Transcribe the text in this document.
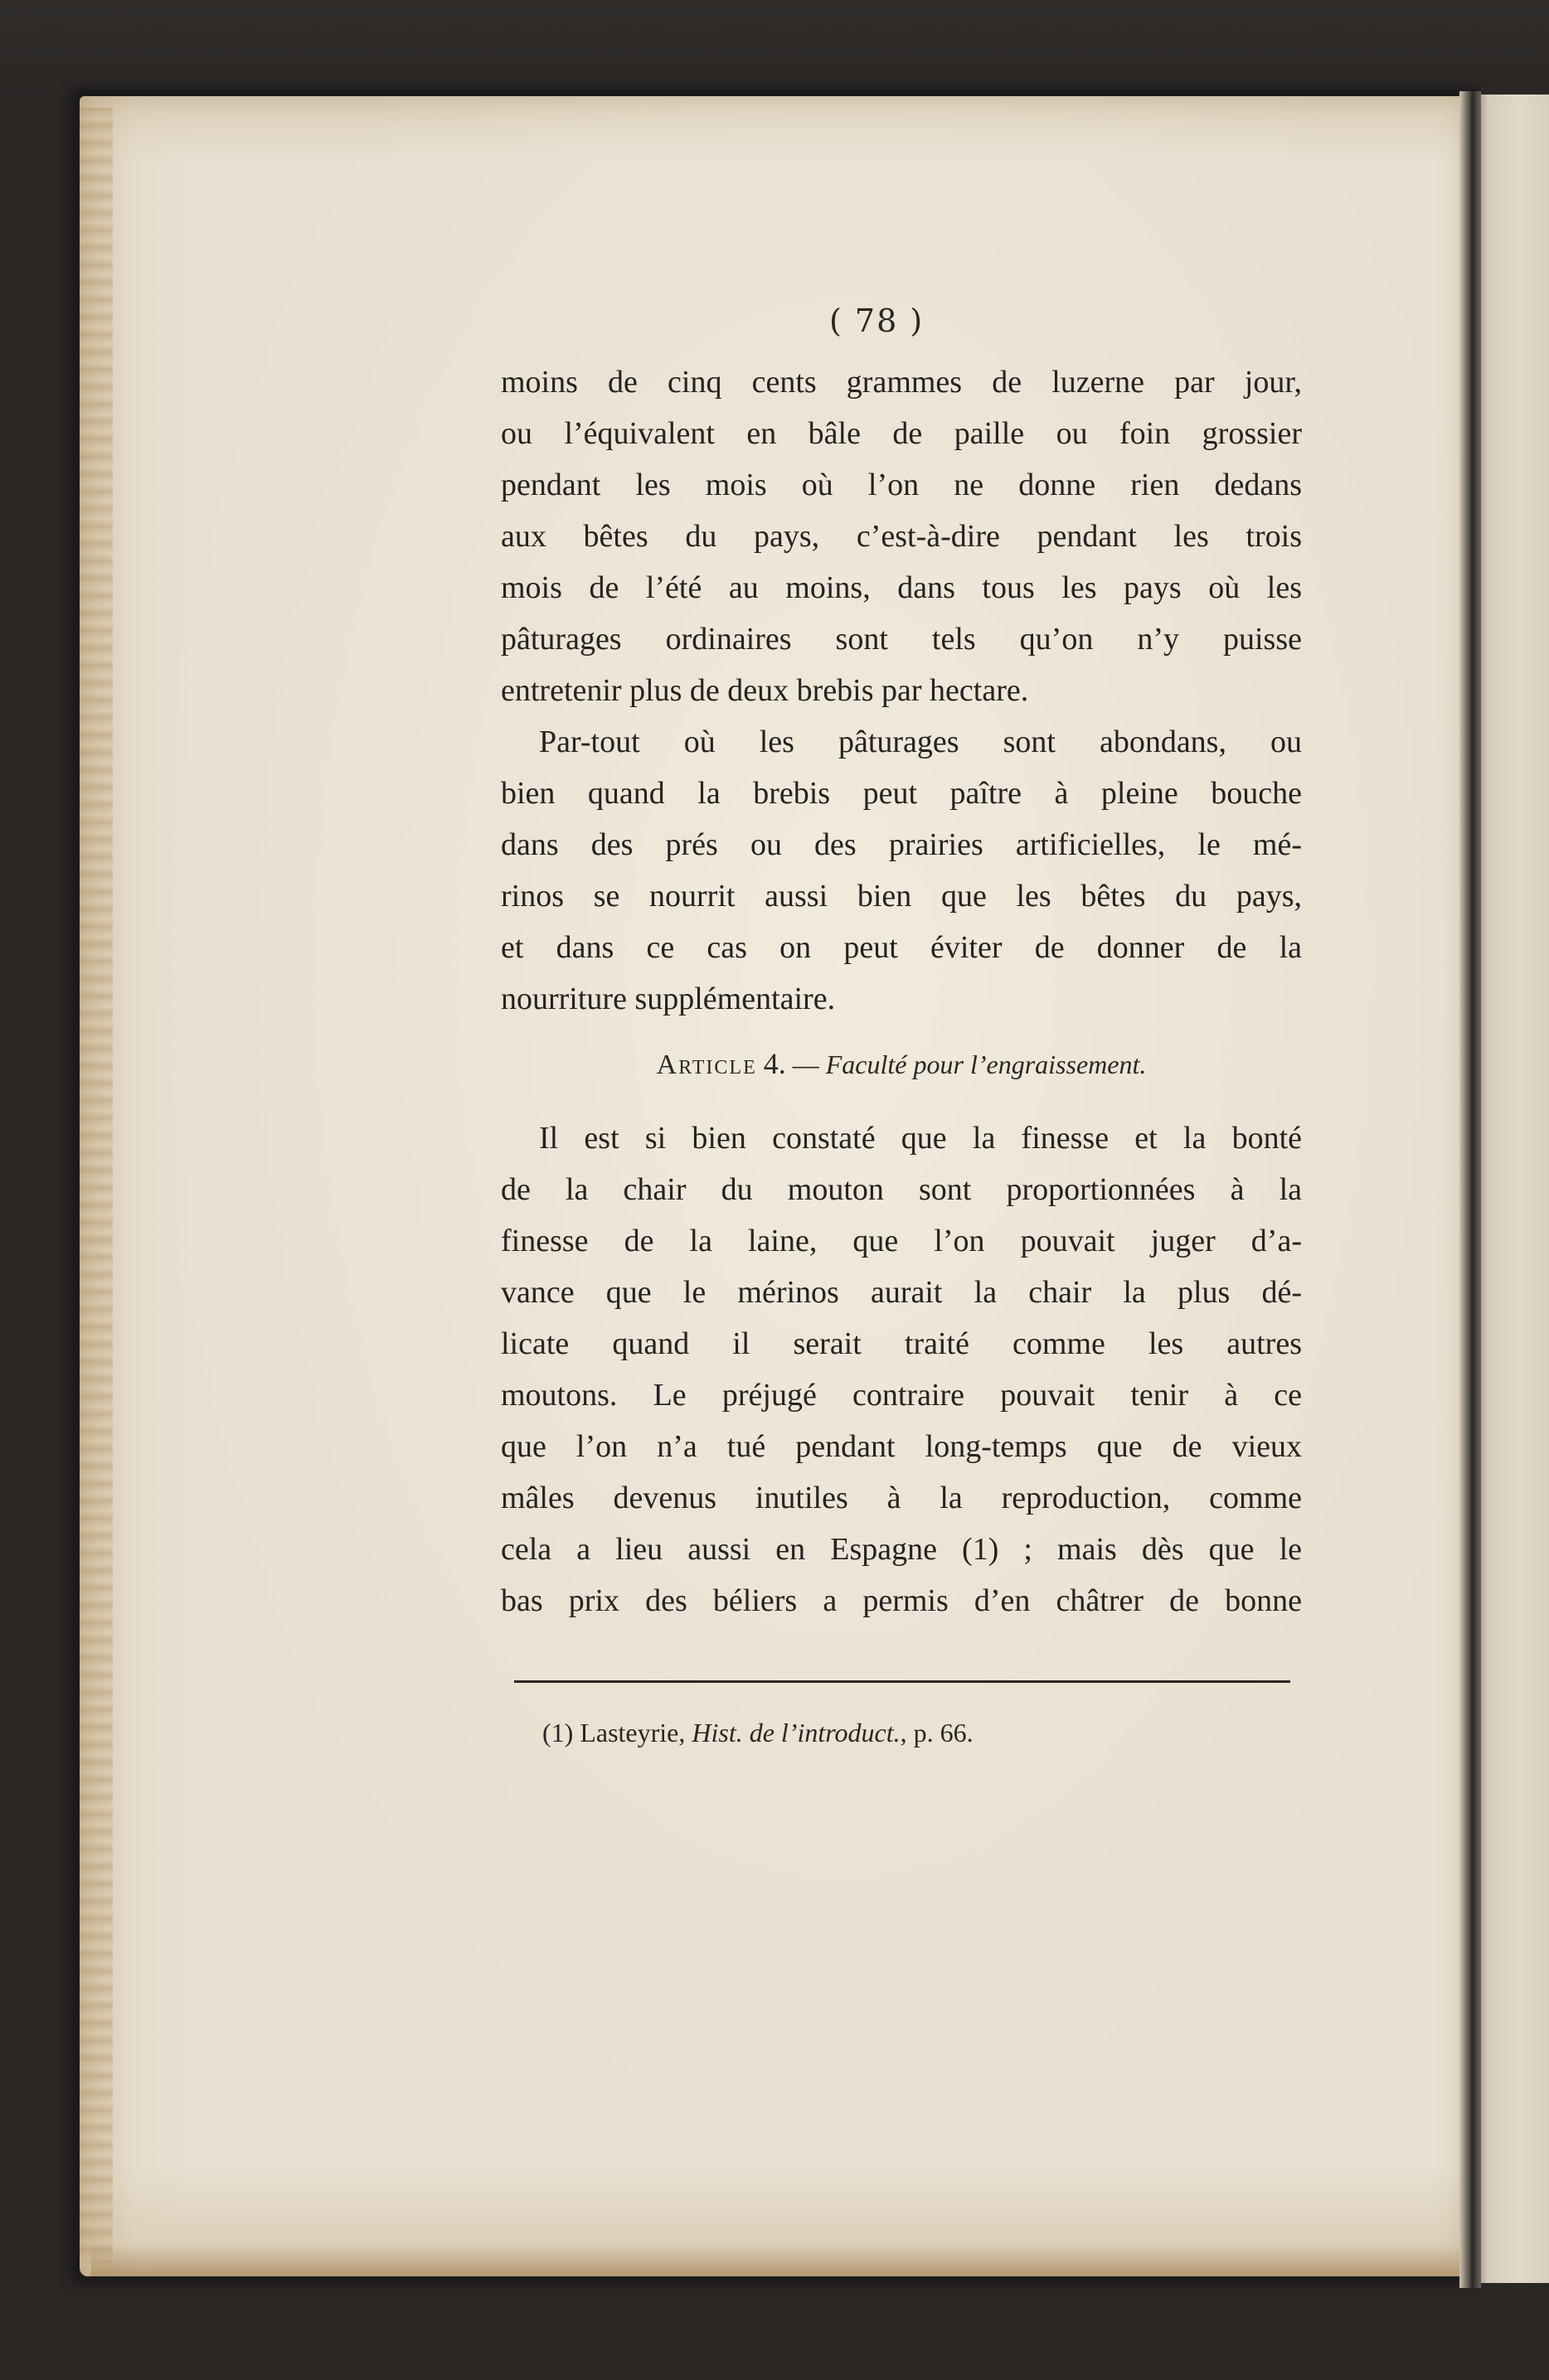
( 78 )
moins de cinq cents grammes de luzerne par jour,
ou l’équivalent en bâle de paille ou foin grossier
pendant les mois où l’on ne donne rien dedans
aux bêtes du pays, c’est-à-dire pendant les trois
mois de l’été au moins, dans tous les pays où les
pâturages ordinaires sont tels qu’on n’y puisse
entretenir plus de deux brebis par hectare.
Par-tout où les pâturages sont abondans, ou
bien quand la brebis peut paître à pleine bouche
dans des prés ou des prairies artificielles, le mé-
rinos se nourrit aussi bien que les bêtes du pays,
et dans ce cas on peut éviter de donner de la
nourriture supplémentaire.
Article 4. — Faculté pour l’engraissement.
Il est si bien constaté que la finesse et la bonté
de la chair du mouton sont proportionnées à la
finesse de la laine, que l’on pouvait juger d’a-
vance que le mérinos aurait la chair la plus dé-
licate quand il serait traité comme les autres
moutons. Le préjugé contraire pouvait tenir à ce
que l’on n’a tué pendant long-temps que de vieux
mâles devenus inutiles à la reproduction, comme
cela a lieu aussi en Espagne (1) ; mais dès que le
bas prix des béliers a permis d’en châtrer de bonne
(1) Lasteyrie, Hist. de l’introduct., p. 66.
